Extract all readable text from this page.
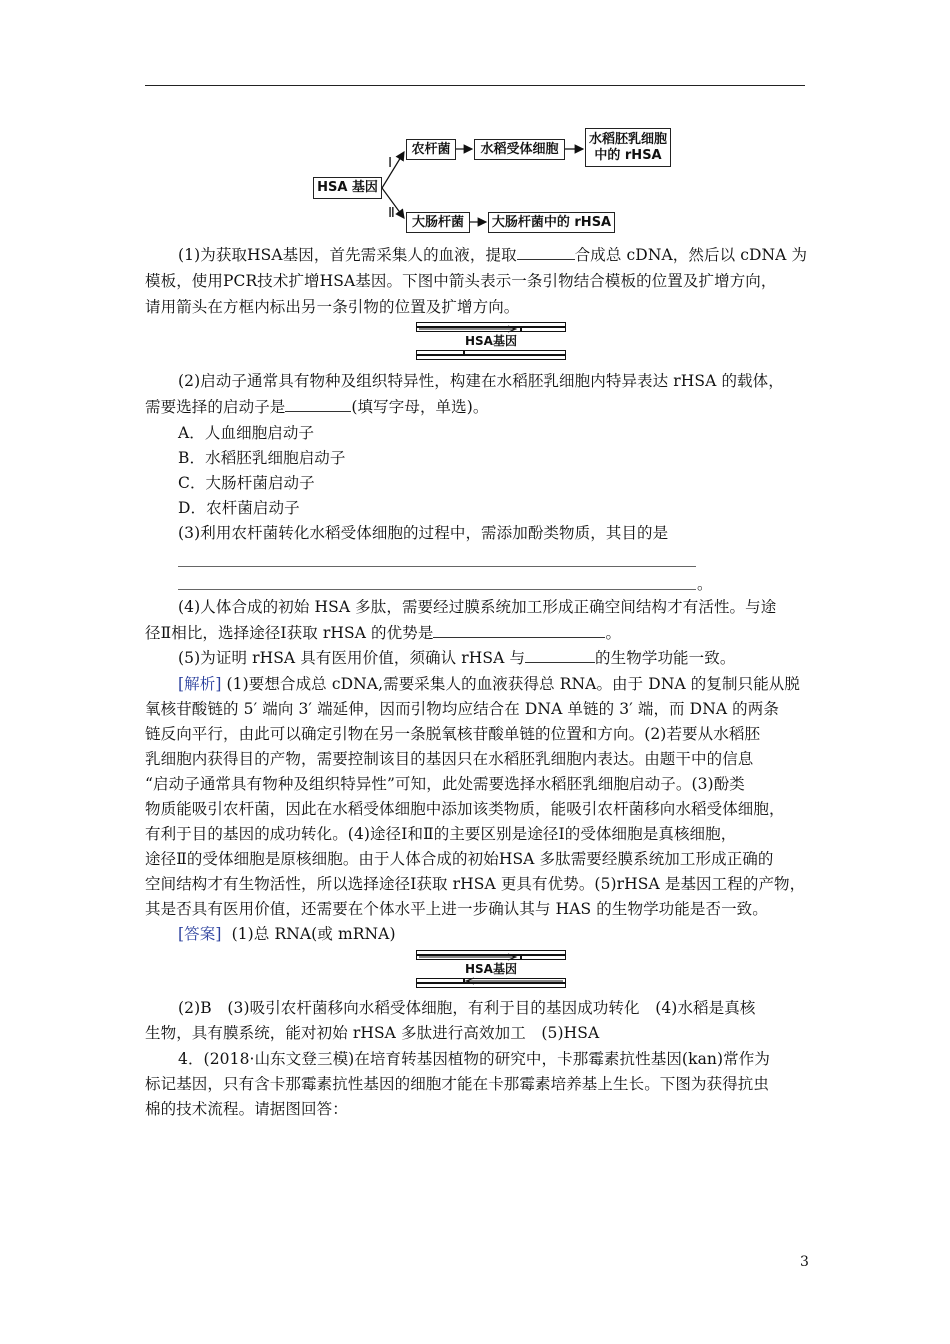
HSA 基因
Ⅰ
Ⅱ
农杆菌 水稻受体细胞
水稻胚乳细胞
中的 rHSA
大肠杆菌 大肠杆菌中的 rHSA
(1)为获取HSA基因，首先需采集人的血液，提取	合成总 cDNA，然后以 cDNA 为
模板，使用PCR技术扩增HSA基因。下图中箭头表示一条引物结合模板的位置及扩增方向，
请用箭头在方框内标出另一条引物的位置及扩增方向。
HSA基因
(2)启动子通常具有物种及组织特异性，构建在水稻胚乳细胞内特异表达 rHSA 的载体，
需要选择的启动子是	(填写字母，单选)。
A．人血细胞启动子
B．水稻胚乳细胞启动子
C．大肠杆菌启动子
D．农杆菌启动子
(3)利用农杆菌转化水稻受体细胞的过程中，需添加酚类物质，其目的是
。
(4)人体合成的初始 HSA 多肽，需要经过膜系统加工形成正确空间结构才有活性。与途
径Ⅱ相比，选择途径Ⅰ获取 rHSA 的优势是	。
(5)为证明 rHSA 具有医用价值，须确认 rHSA 与	的生物学功能一致。
[解析] (1)要想合成总 cDNA,需要采集人的血液获得总 RNA。由于 DNA 的复制只能从脱
氧核苷酸链的 5′ 端向 3′ 端延伸，因而引物均应结合在 DNA 单链的 3′ 端，而 DNA 的两条
链反向平行，由此可以确定引物在另一条脱氧核苷酸单链的位置和方向。(2)若要从水稻胚
乳细胞内获得目的产物，需要控制该目的基因只在水稻胚乳细胞内表达。由题干中的信息
“启动子通常具有物种及组织特异性”可知，此处需要选择水稻胚乳细胞启动子。(3)酚类
物质能吸引农杆菌，因此在水稻受体细胞中添加该类物质，能吸引农杆菌移向水稻受体细胞，
有利于目的基因的成功转化。(4)途径Ⅰ和Ⅱ的主要区别是途径Ⅰ的受体细胞是真核细胞，
途径Ⅱ的受体细胞是原核细胞。由于人体合成的初始HSA 多肽需要经膜系统加工形成正确的
空间结构才有生物活性，所以选择途径Ⅰ获取 rHSA 更具有优势。(5)rHSA 是基因工程的产物，
其是否具有医用价值，还需要在个体水平上进一步确认其与 HAS 的生物学功能是否一致。
[答案] (1)总 RNA(或 mRNA)
HSA基因
(2)B　(3)吸引农杆菌移向水稻受体细胞，有利于目的基因成功转化　(4)水稻是真核
生物，具有膜系统，能对初始 rHSA 多肽进行高效加工　(5)HSA
4．(2018·山东文登三模)在培育转基因植物的研究中，卡那霉素抗性基因(kan)常作为
标记基因，只有含卡那霉素抗性基因的细胞才能在卡那霉素培养基上生长。下图为获得抗虫
棉的技术流程。请据图回答：
3
